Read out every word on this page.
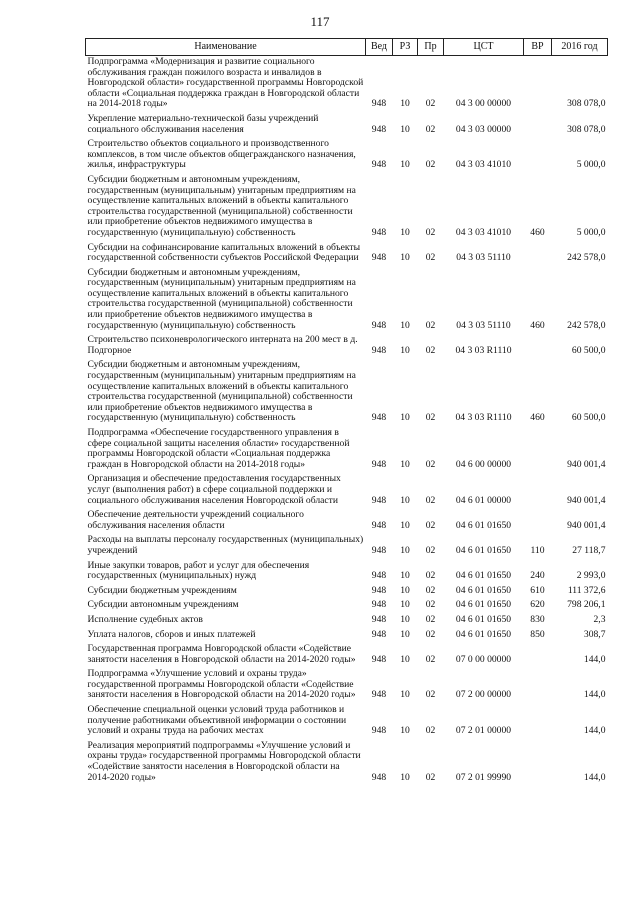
117
Наименование	Вед	РЗ	Пр	ЦСТ	ВР	2016 год
Подпрограмма «Модернизация и развитие социального обслуживания граждан пожилого возраста и инвалидов в Новгородской области» государственной программы Новгородской области «Социальная поддержка граждан в Новгородской области на 2014-2018 годы»	948	10	02	04 3 00 00000		308 078,0
Укрепление материально-технической базы учреждений социального обслуживания населения	948	10	02	04 3 03 00000		308 078,0
Строительство объектов социального и производственного комплексов, в том числе объектов общегражданского назначения, жилья, инфраструктуры	948	10	02	04 3 03 41010		5 000,0
Субсидии бюджетным и автономным учреждениям, государственным (муниципальным) унитарным предприятиям на осуществление капитальных вложений в объекты капитального строительства государственной (муниципальной) собственности или приобретение объектов недвижимого имущества в государственную (муниципальную) собственность	948	10	02	04 3 03 41010	460	5 000,0
Субсидии на софинансирование капитальных вложений в объекты государственной собственности субъектов Российской Федерации	948	10	02	04 3 03 51110		242 578,0
Субсидии бюджетным и автономным учреждениям, государственным (муниципальным) унитарным предприятиям на осуществление капитальных вложений в объекты капитального строительства государственной (муниципальной) собственности или приобретение объектов недвижимого имущества в государственную (муниципальную) собственность	948	10	02	04 3 03 51110	460	242 578,0
Строительство психоневрологического интерната на 200 мест в д. Подгорное	948	10	02	04 3 03 R1110		60 500,0
Субсидии бюджетным и автономным учреждениям, государственным (муниципальным) унитарным предприятиям на осуществление капитальных вложений в объекты капитального строительства государственной (муниципальной) собственности или приобретение объектов недвижимого имущества в государственную (муниципальную) собственность	948	10	02	04 3 03 R1110	460	60 500,0
Подпрограмма «Обеспечение государственного управления в сфере социальной защиты населения области» государственной программы Новгородской области «Социальная поддержка граждан в Новгородской области на 2014-2018 годы»	948	10	02	04 6 00 00000		940 001,4
Организация и обеспечение предоставления государственных услуг (выполнения работ) в сфере социальной поддержки и социального обслуживания населения Новгородской области	948	10	02	04 6 01 00000		940 001,4
Обеспечение деятельности учреждений социального обслуживания населения области	948	10	02	04 6 01 01650		940 001,4
Расходы на выплаты персоналу государственных (муниципальных) учреждений	948	10	02	04 6 01 01650	110	27 118,7
Иные закупки товаров, работ и услуг для обеспечения государственных (муниципальных) нужд	948	10	02	04 6 01 01650	240	2 993,0
Субсидии бюджетным учреждениям	948	10	02	04 6 01 01650	610	111 372,6
Субсидии автономным учреждениям	948	10	02	04 6 01 01650	620	798 206,1
Исполнение судебных актов	948	10	02	04 6 01 01650	830	2,3
Уплата налогов, сборов и иных платежей	948	10	02	04 6 01 01650	850	308,7
Государственная программа Новгородской области «Содействие занятости населения в Новгородской области на 2014-2020 годы»	948	10	02	07 0 00 00000		144,0
Подпрограмма «Улучшение условий и охраны труда» государственной программы Новгородской области «Содействие занятости населения в Новгородской области на 2014-2020 годы»	948	10	02	07 2 00 00000		144,0
Обеспечение специальной оценки условий труда работников и получение работниками объективной информации о состоянии условий и охраны труда на рабочих местах	948	10	02	07 2 01 00000		144,0
Реализация мероприятий подпрограммы «Улучшение условий и охраны труда» государственной программы Новгородской области «Содействие занятости населения в Новгородской области на 2014-2020 годы»	948	10	02	07 2 01 99990		144,0
